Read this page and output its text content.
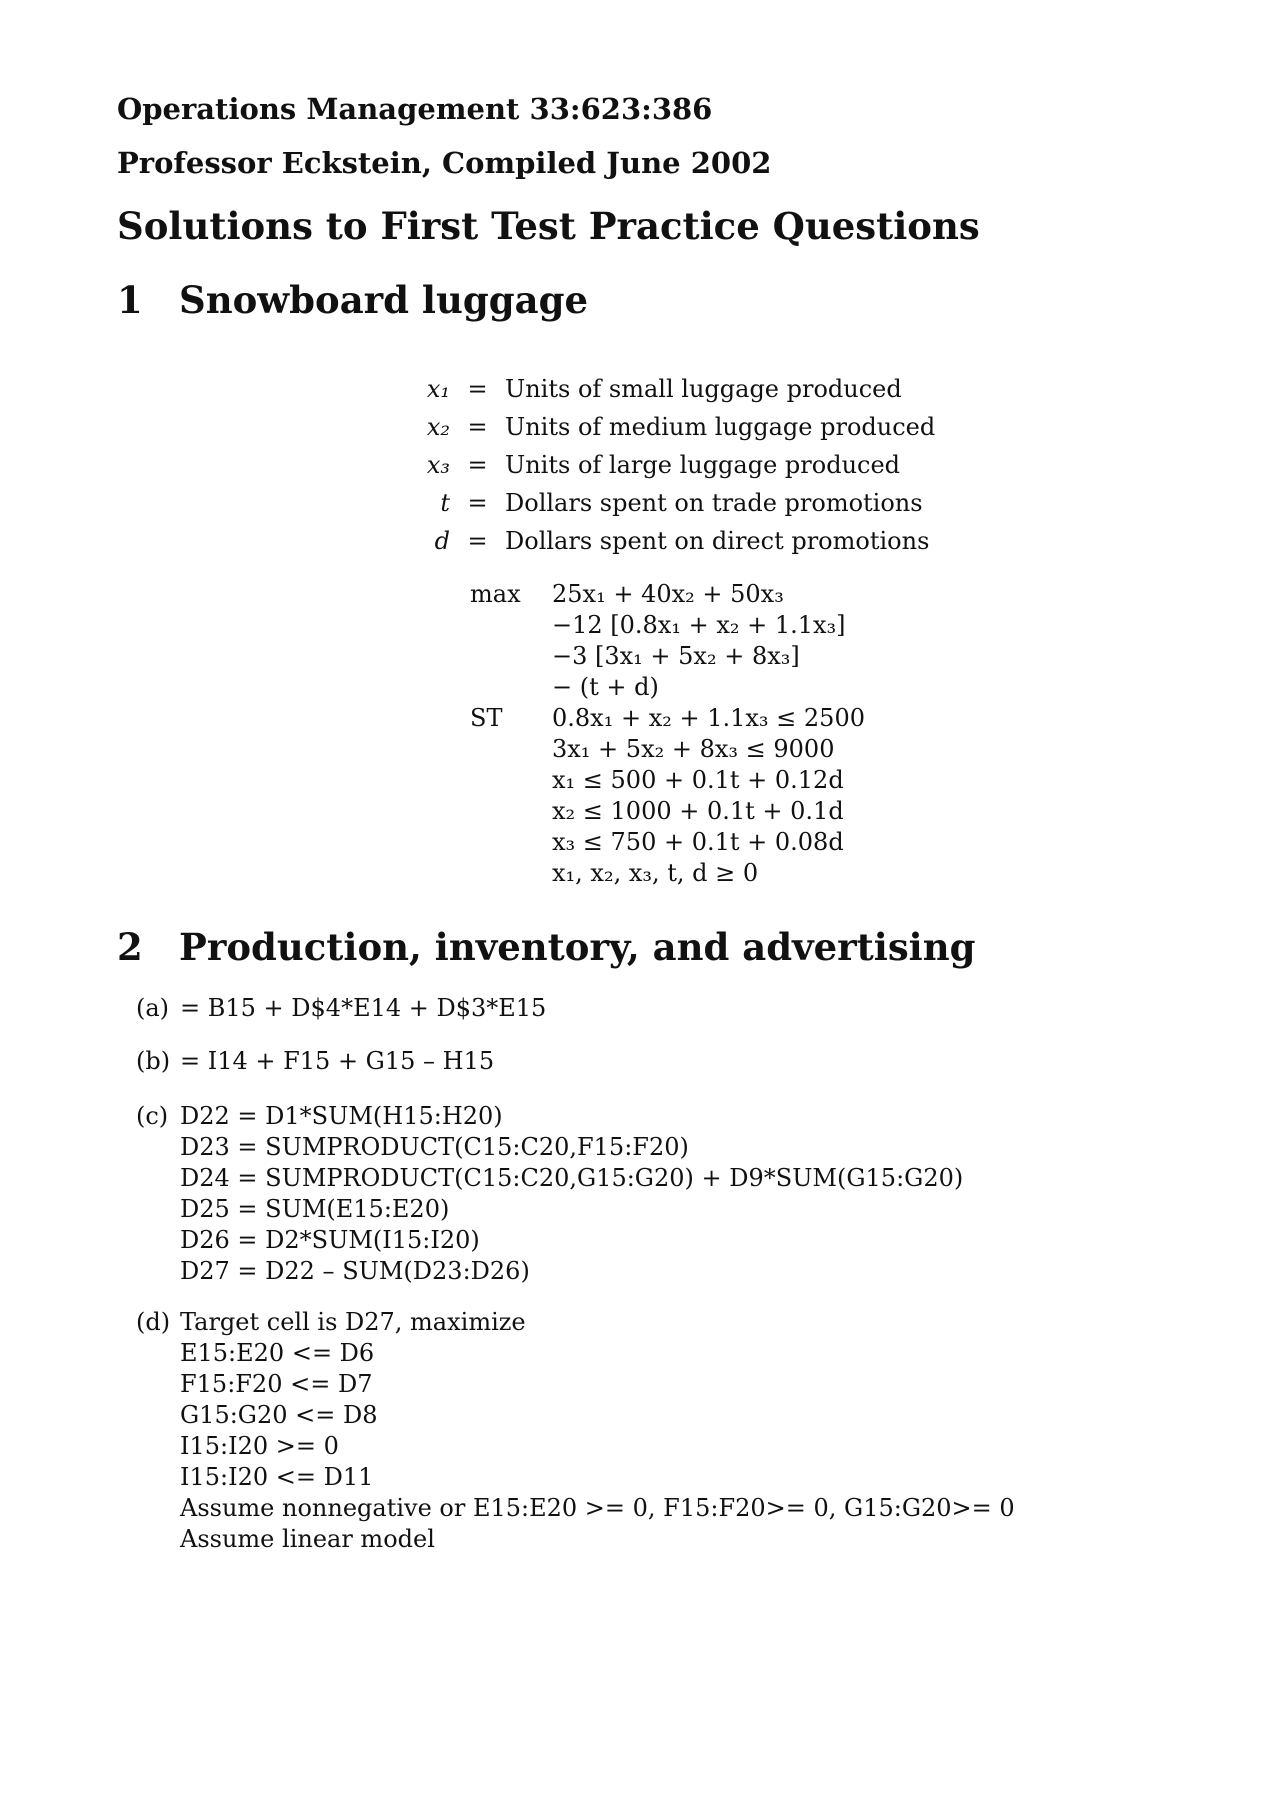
Operations Management 33:623:386
Professor Eckstein, Compiled June 2002
Solutions to First Test Practice Questions
1 Snowboard luggage
x₁ = Units of small luggage produced
x₂ = Units of medium luggage produced
x₃ = Units of large luggage produced
t = Dollars spent on trade promotions
d = Dollars spent on direct promotions
max	25x₁ + 40x₂ + 50x₃
−12 [0.8x₁ + x₂ + 1.1x₃]
−3 [3x₁ + 5x₂ + 8x₃]
− (t + d)
ST	0.8x₁ + x₂ + 1.1x₃ ≤ 2500
3x₁ + 5x₂ + 8x₃ ≤ 9000
x₁ ≤ 500 + 0.1t + 0.12d
x₂ ≤ 1000 + 0.1t + 0.1d
x₃ ≤ 750 + 0.1t + 0.08d
x₁, x₂, x₃, t, d ≥ 0
2 Production, inventory, and advertising
(a) = B15 + D$4*E14 + D$3*E15
(b) = I14 + F15 + G15 – H15
(c) D22 = D1*SUM(H15:H20)
D23 = SUMPRODUCT(C15:C20,F15:F20)
D24 = SUMPRODUCT(C15:C20,G15:G20) + D9*SUM(G15:G20)
D25 = SUM(E15:E20)
D26 = D2*SUM(I15:I20)
D27 = D22 – SUM(D23:D26)
(d) Target cell is D27, maximize
E15:E20 <= D6
F15:F20 <= D7
G15:G20 <= D8
I15:I20 >= 0
I15:I20 <= D11
Assume nonnegative or E15:E20 >= 0, F15:F20>= 0, G15:G20>= 0
Assume linear model
